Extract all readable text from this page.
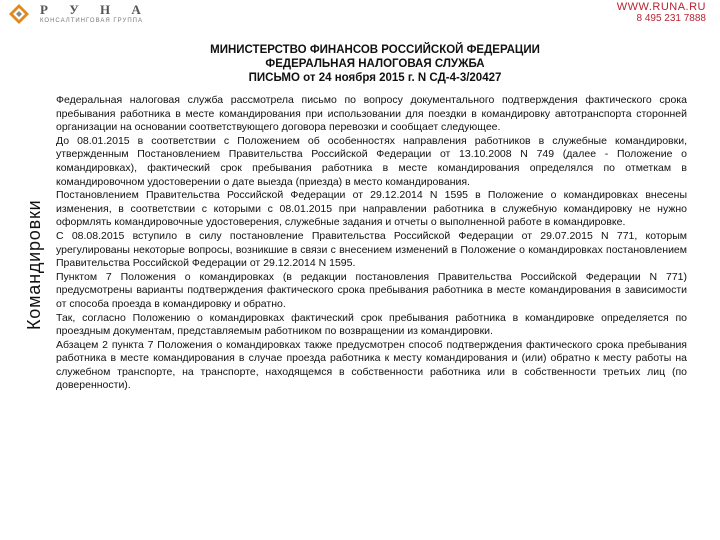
Р У Н А
КОНСАЛТИНГОВАЯ ГРУППА
WWW.RUNA.RU
8 495 231 7888
Командировки
МИНИСТЕРСТВО ФИНАНСОВ РОССИЙСКОЙ ФЕДЕРАЦИИ
ФЕДЕРАЛЬНАЯ НАЛОГОВАЯ СЛУЖБА
ПИСЬМО от 24 ноября 2015 г. N СД-4-3/20427

Федеральная налоговая служба рассмотрела письмо по вопросу документального подтверждения фактического срока пребывания работника в месте командирования при использовании для поездки в командировку автотранспорта сторонней организации на основании соответствующего договора перевозки и сообщает следующее.

До 08.01.2015 в соответствии с Положением об особенностях направления работников в служебные командировки, утвержденным Постановлением Правительства Российской Федерации от 13.10.2008 N 749 (далее - Положение о командировках), фактический срок пребывания работника в месте командирования определялся по отметкам в командировочном удостоверении о дате выезда (приезда) в место командирования.

Постановлением Правительства Российской Федерации от 29.12.2014 N 1595 в Положение о командировках внесены изменения, в соответствии с которыми с 08.01.2015 при направлении работника в служебную командировку не нужно оформлять командировочные удостоверения, служебные задания и отчеты о выполненной работе в командировке.

С 08.08.2015 вступило в силу постановление Правительства Российской Федерации от 29.07.2015 N 771, которым урегулированы некоторые вопросы, возникшие в связи с внесением изменений в Положение о командировках постановлением Правительства Российской Федерации от 29.12.2014 N 1595.

Пунктом 7 Положения о командировках (в редакции постановления Правительства Российской Федерации N 771) предусмотрены варианты подтверждения фактического срока пребывания работника в месте командирования в зависимости от способа проезда в командировку и обратно.

Так, согласно Положению о командировках фактический срок пребывания работника в командировке определяется по проездным документам, представляемым работником по возвращении из командировки.

Абзацем 2 пункта 7 Положения о командировках также предусмотрен способ подтверждения фактического срока пребывания работника в месте командирования в случае проезда работника к месту командирования и (или) обратно к месту работы на служебном транспорте, на транспорте, находящемся в собственности работника или в собственности третьих лиц (по доверенности).
